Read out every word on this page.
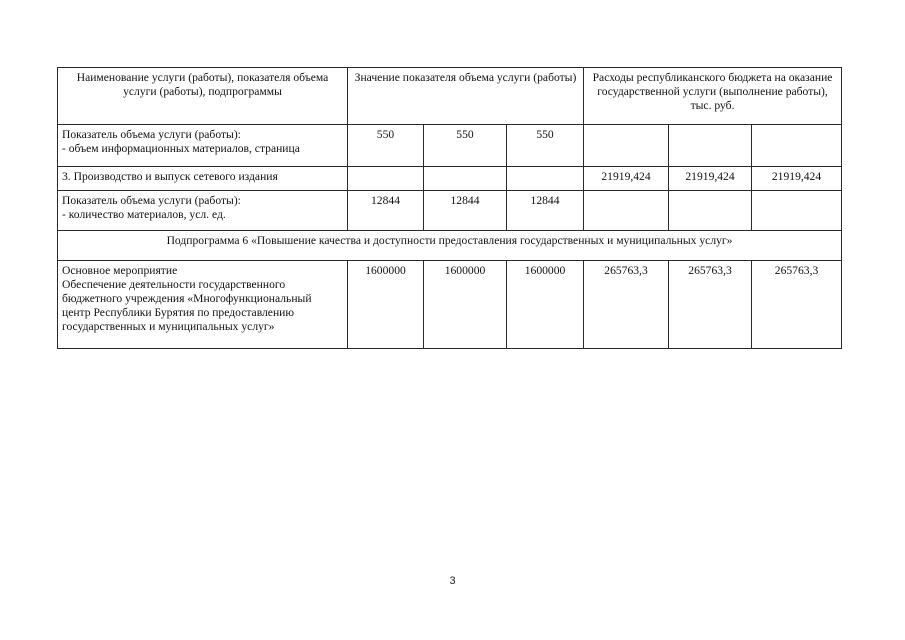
Наименование услуги (работы), показателя объема услуги (работы), подпрограммы	Значение показателя объема услуги (работы)			Расходы республиканского бюджета на оказание государственной услуги (выполнение работы), тыс. руб.		

Показатель объема услуги (работы):
- объем информационных материалов, страница	550	550	550			

3. Производство и выпуск сетевого издания				21919,424	21919,424	21919,424

Показатель объема услуги (работы):
- количество материалов, усл. ед.	12844	12844	12844			
Подпрограмма 6 «Повышение качества и доступности предоставления государственных и муниципальных услуг»						

Основное мероприятие
Обеспечение деятельности государственного
бюджетного учреждения «Многофункциональный
центр Республики Бурятия по предоставлению
государственных и муниципальных услуг»	1600000	1600000	1600000	265763,3	265763,3	265763,3
3
